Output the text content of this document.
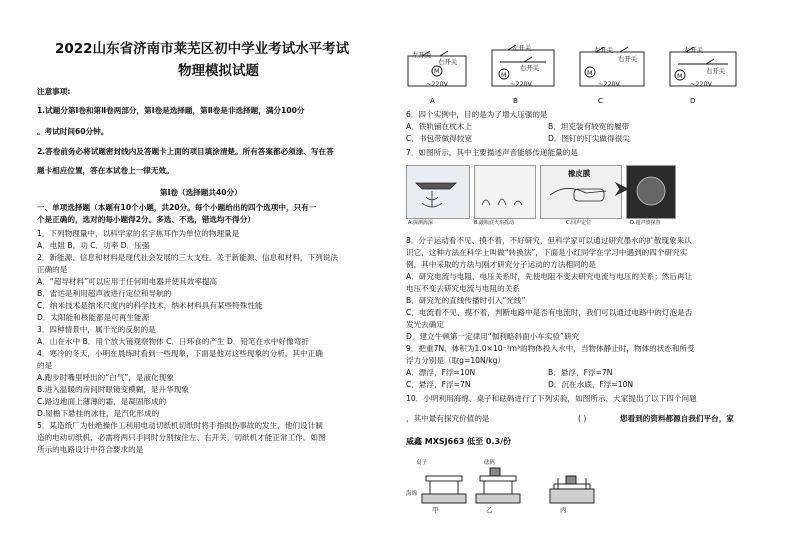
2022山东省济南市莱芜区初中学业考试水平考试
物理模拟试题
注意事项:
1.试题分第Ⅰ卷和第Ⅱ卷两部分，第Ⅰ卷是选择题，第Ⅱ卷是非选择题，满分100分
。考试时间60分钟。
2.答卷前务必将试题密封线内及答题卡上面的项目填涂清楚。所有答案都必须涂、写在答
题卡相应位置，答在本试卷上一律无效。
第Ⅰ卷（选择题共40分）
一、单项选择题（本题有10个小题，共20分。每个小题给出的四个选项中，只有一
个是正确的，选对的每小题得2分。多选、不选，错选均不得分）
1．下列物理量中，以科学家的名字焦耳作为单位的物理量是
A．电阻 B．功 C．功率 D．压强
2．新能源、信息和材料是现代社会发展的三大支柱。关于新能源、信息和材料，下列说法
正确的是
A．“超导材料”可以应用于任何用电器并使其效率提高
B．雷达是利用超声波进行定位和导航的
C．纳米技术是纳米尺度内的科学技术，纳米材料具有某些特殊性能
D．太阳能和核能都是可再生能源
3．四种情景中，属于光的反射的是
A．山在水中 B．用个放大镜观察物体 C．日环食的产生 D．铅笔在水中好像弯折
4．寒冷的冬天，小明在晨练时看到一些现象，下面是他对这些现象的分析，其中正确
的是
A.跑步时嘴里呼出的“白气”，是液化现象
B.进入温暖的房间时眼镜变模糊，是升华现象
C.路边地面上薄薄的霜，是凝固形成的
D.屋檐下悬挂的冰柱，是汽化形成的
5．某造纸厂为杜绝操作工利用电动切纸机切纸时将手指损伤事故的发生，他们设计制
造的电动切纸机，必需将两只手同时分别按住左、右开关，切纸机才能正常工作。如图
所示的电路设计中符合要求的是
左开关
右开关
M
~220V
A
左开关
右开关
M
~220V
B
左开关
右开关
M
~220V
C
左开关
右开关
M
~220V
D
6．四个实例中，目的是为了增大压强的是
A．铁轨铺在枕木上	B．坦克装有较宽的履带
C．书包带做得较宽	D．图钉的钉尖做得很尖
7．如图所示，其中主要描述声音能够传递能量的是
橡皮膜
A.探测海深	B.敲瓶底火焰摇动	C.回声定位	D.超声波探查
8．分子运动看不见、摸不着，不好研究，但科学家可以通过研究墨水的扩散现象来认
识它，这种方法在科学上叫做“转换法”，下面是小红同学在学习中遇到的四个研究实
例，其中采取的方法与刚才研究分子运动的方法相同的是
A．研究电流与电阻、电压关系时，先使电阻不变去研究电流与电压的关系；然后再让
电压不变去研究电流与电阻的关系
B．研究光的直线传播时引入“光线”
C．电流看不见、摸不着，判断电路中是否有电流时，我们可以通过电路中的灯泡是否
发光去确定
D．建立牛顿第一定律用“伽利略斜面小车实验”研究
9．把重7N、体积为1.0×10⁻³m³的物体投入水中，当物体静止时，物体的状态和所受
浮力分别是（取g=10N/kg）
A．漂浮，F浮=10N	B．悬浮，F浮=7N
C．悬浮，F浮=7N	D．沉在水底，F浮=10N
10．小明利用海绵、桌子和砝码进行了下列实验，如图所示，大家提出了以下四个问题
，其中最有探究价值的是	( )	您看到的资料都源自我们平台，家
威鑫 MXSJ663 低至 0.3/份
桌子	砝码
海绵
甲	乙	丙
